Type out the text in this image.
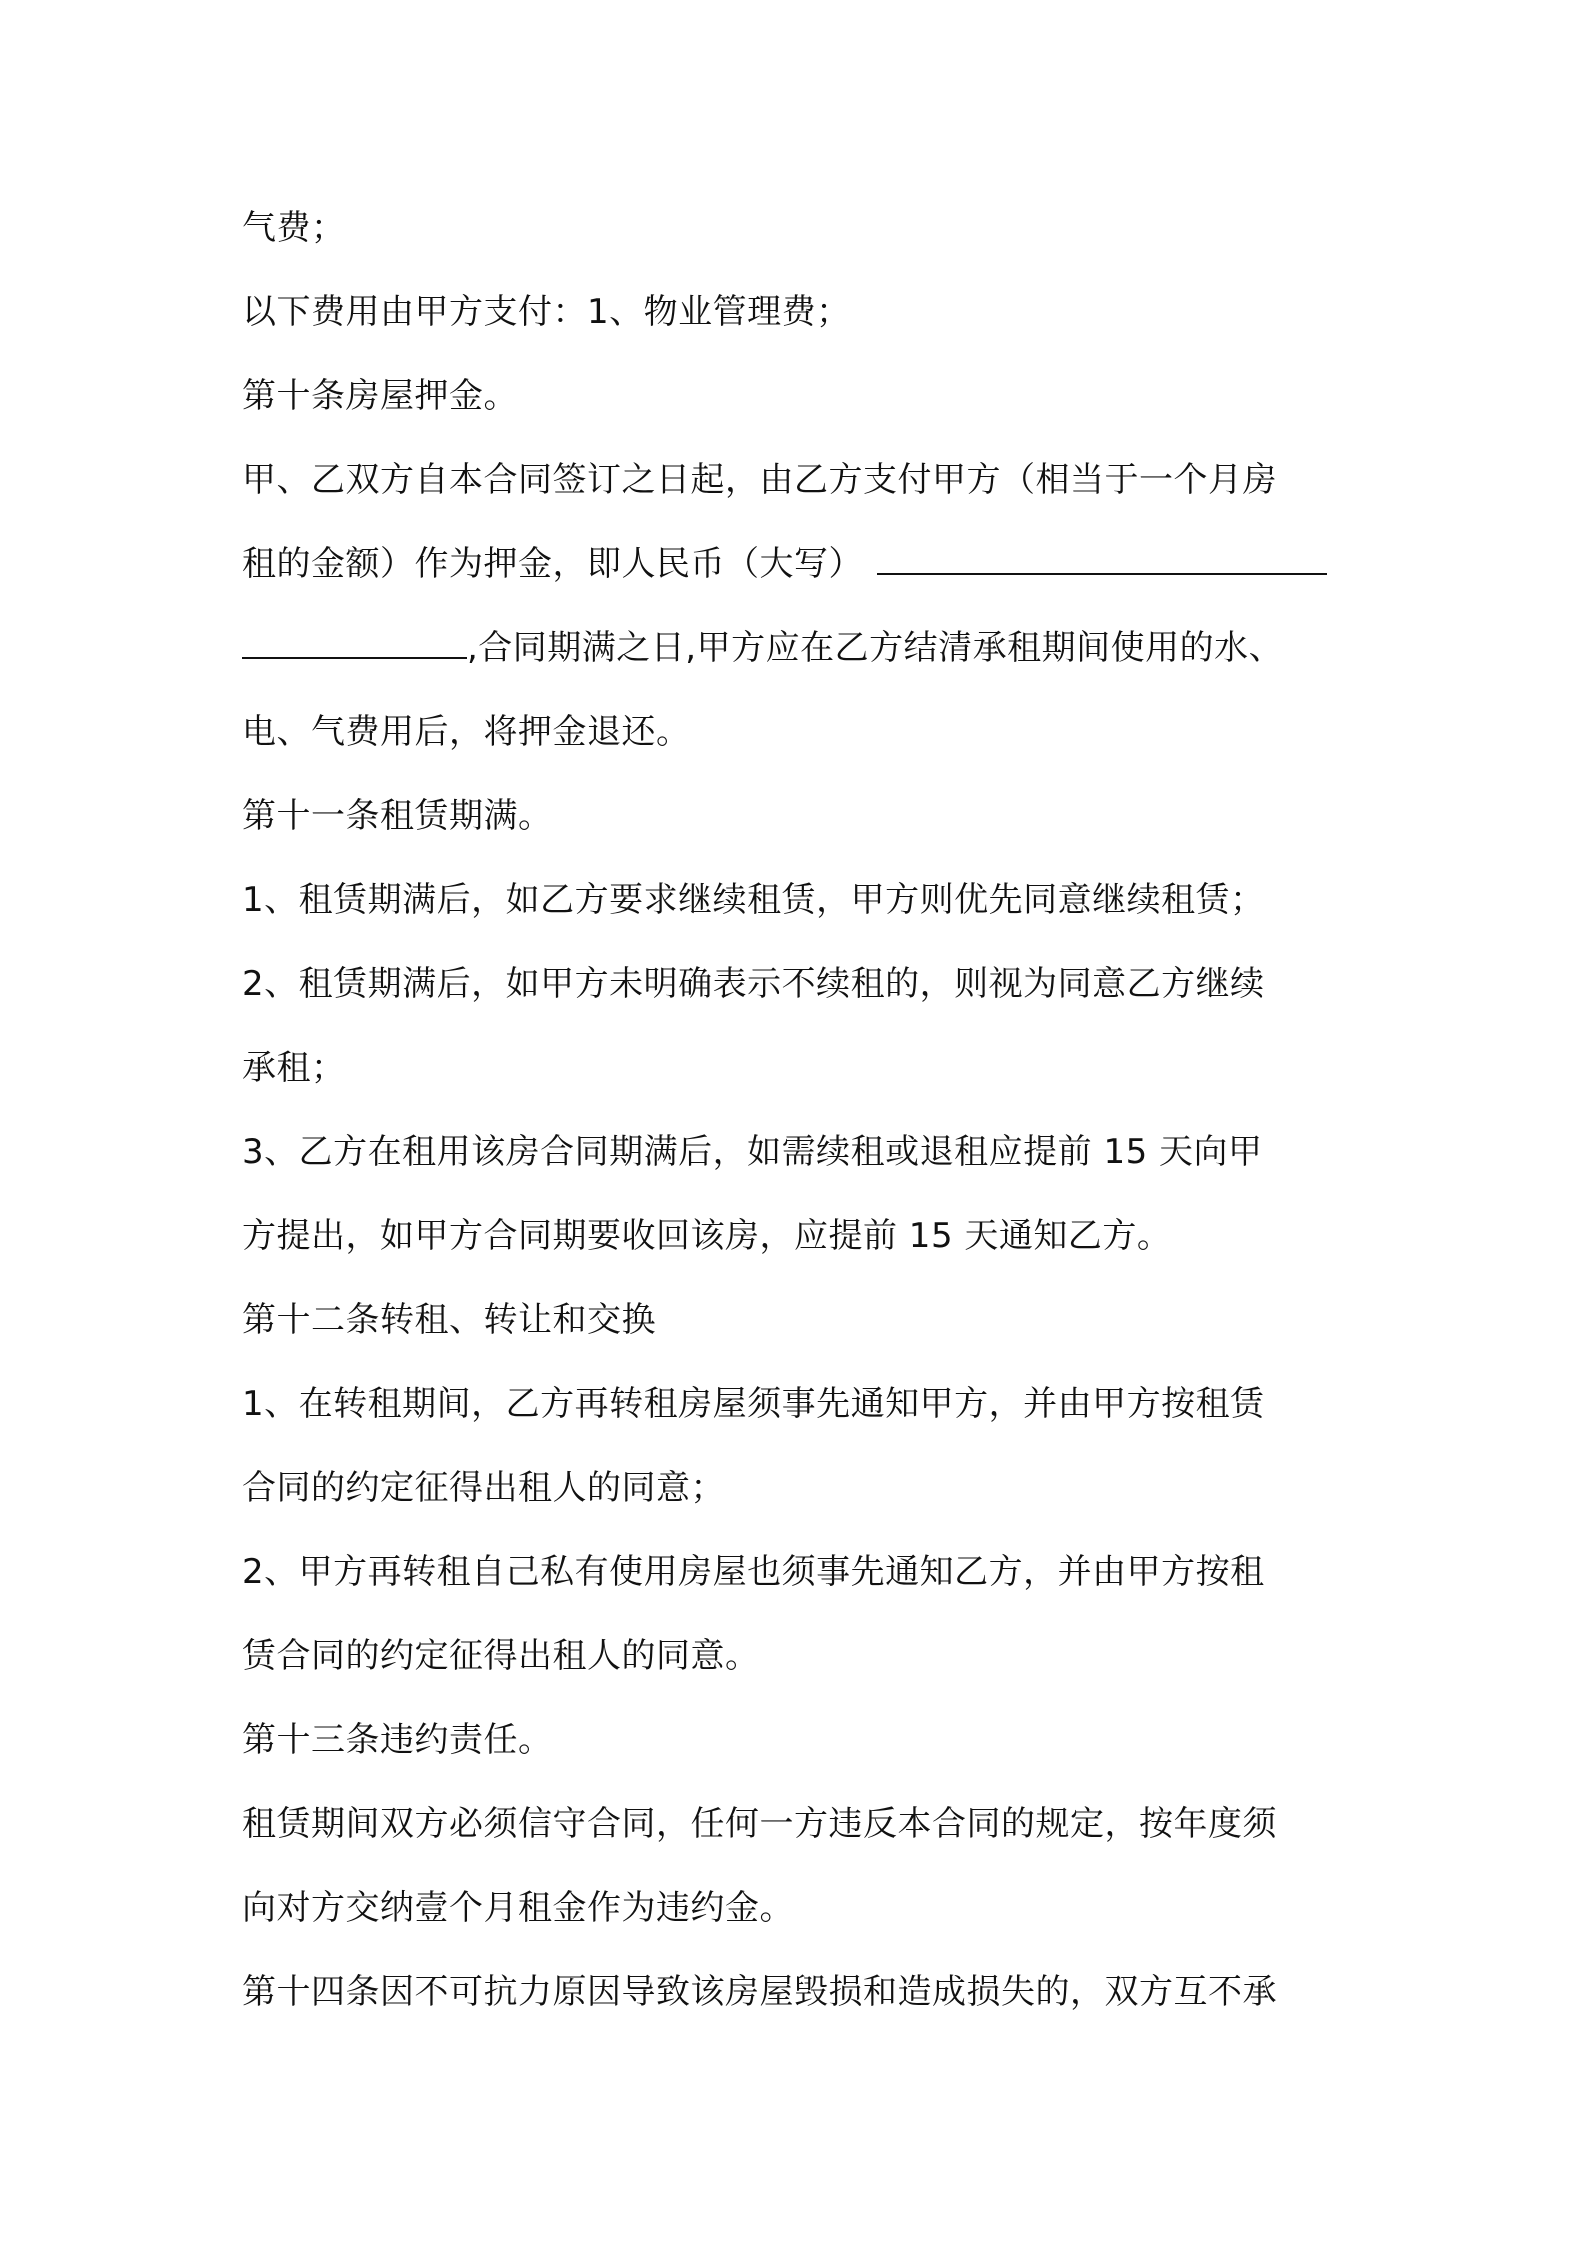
气费；
以下费用由甲方支付：1、物业管理费；
第十条房屋押金。
甲、乙双方自本合同签订之日起，由乙方支付甲方（相当于一个月房
租的金额）作为押金，即人民币（大写）
,合同期满之日,甲方应在乙方结清承租期间使用的水、
电、气费用后，将押金退还。
第十一条租赁期满。
1、租赁期满后，如乙方要求继续租赁，甲方则优先同意继续租赁；
2、租赁期满后，如甲方未明确表示不续租的，则视为同意乙方继续
承租；
3、乙方在租用该房合同期满后，如需续租或退租应提前 15 天向甲
方提出，如甲方合同期要收回该房，应提前 15 天通知乙方。
第十二条转租、转让和交换
1、在转租期间，乙方再转租房屋须事先通知甲方，并由甲方按租赁
合同的约定征得出租人的同意；
2、甲方再转租自己私有使用房屋也须事先通知乙方，并由甲方按租
赁合同的约定征得出租人的同意。
第十三条违约责任。
租赁期间双方必须信守合同，任何一方违反本合同的规定，按年度须
向对方交纳壹个月租金作为违约金。
第十四条因不可抗力原因导致该房屋毁损和造成损失的，双方互不承
